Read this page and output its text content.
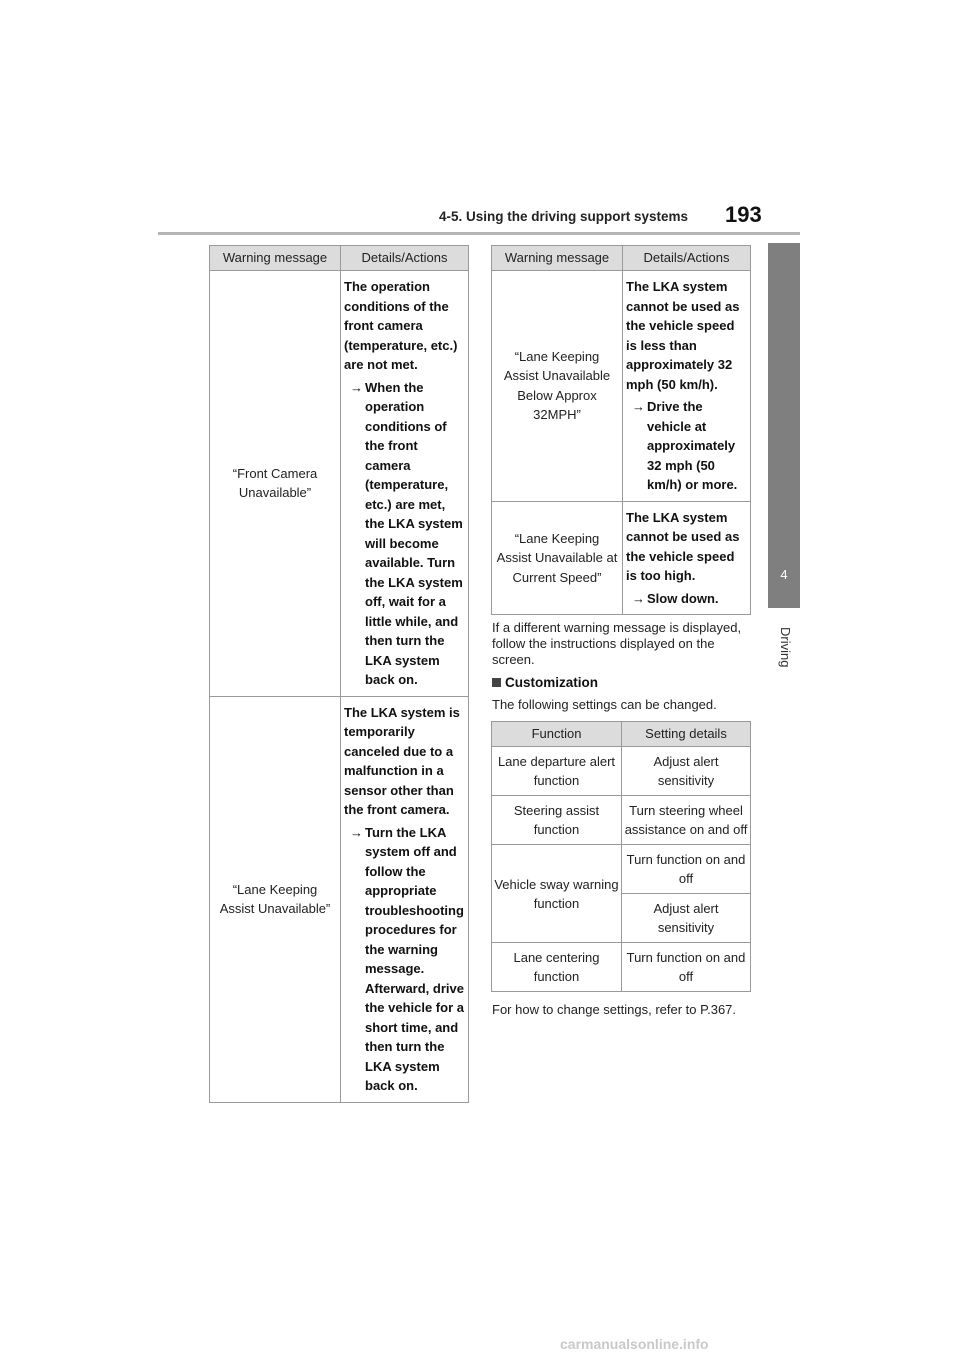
4-5. Using the driving support systems 193
4
Driving
Warning message	Details/Actions
“Front Camera Unavailable”	The operation conditions of the front camera (temperature, etc.) are not met.

→ When the operation conditions of the front camera (temperature, etc.) are met, the LKA system will become available. Turn the LKA system off, wait for a little while, and then turn the LKA system back on.

“Lane Keeping Assist Unavailable”	The LKA system is temporarily canceled due to a malfunction in a sensor other than the front camera.

→ Turn the LKA system off and follow the appropriate troubleshooting procedures for the warning message. Afterward, drive the vehicle for a short time, and then turn the LKA system back on.
Warning message	Details/Actions
“Lane Keeping Assist Unavailable Below Approx 32MPH”	The LKA system cannot be used as the vehicle speed is less than approximately 32 mph (50 km/h).

→ Drive the vehicle at approximately 32 mph (50 km/h) or more.

“Lane Keeping Assist Unavailable at Current Speed”	The LKA system cannot be used as the vehicle speed is too high.

→ Slow down.
If a different warning message is displayed, follow the instructions displayed on the screen.
Customization
The following settings can be changed.
Function	Setting details
Lane departure alert function	Adjust alert sensitivity
Steering assist function	Turn steering wheel assistance on and off
Vehicle sway warning function	Turn function on and off
	Adjust alert sensitivity
Lane centering function	Turn function on and off
For how to change settings, refer to P.367.
carmanualsonline.info
